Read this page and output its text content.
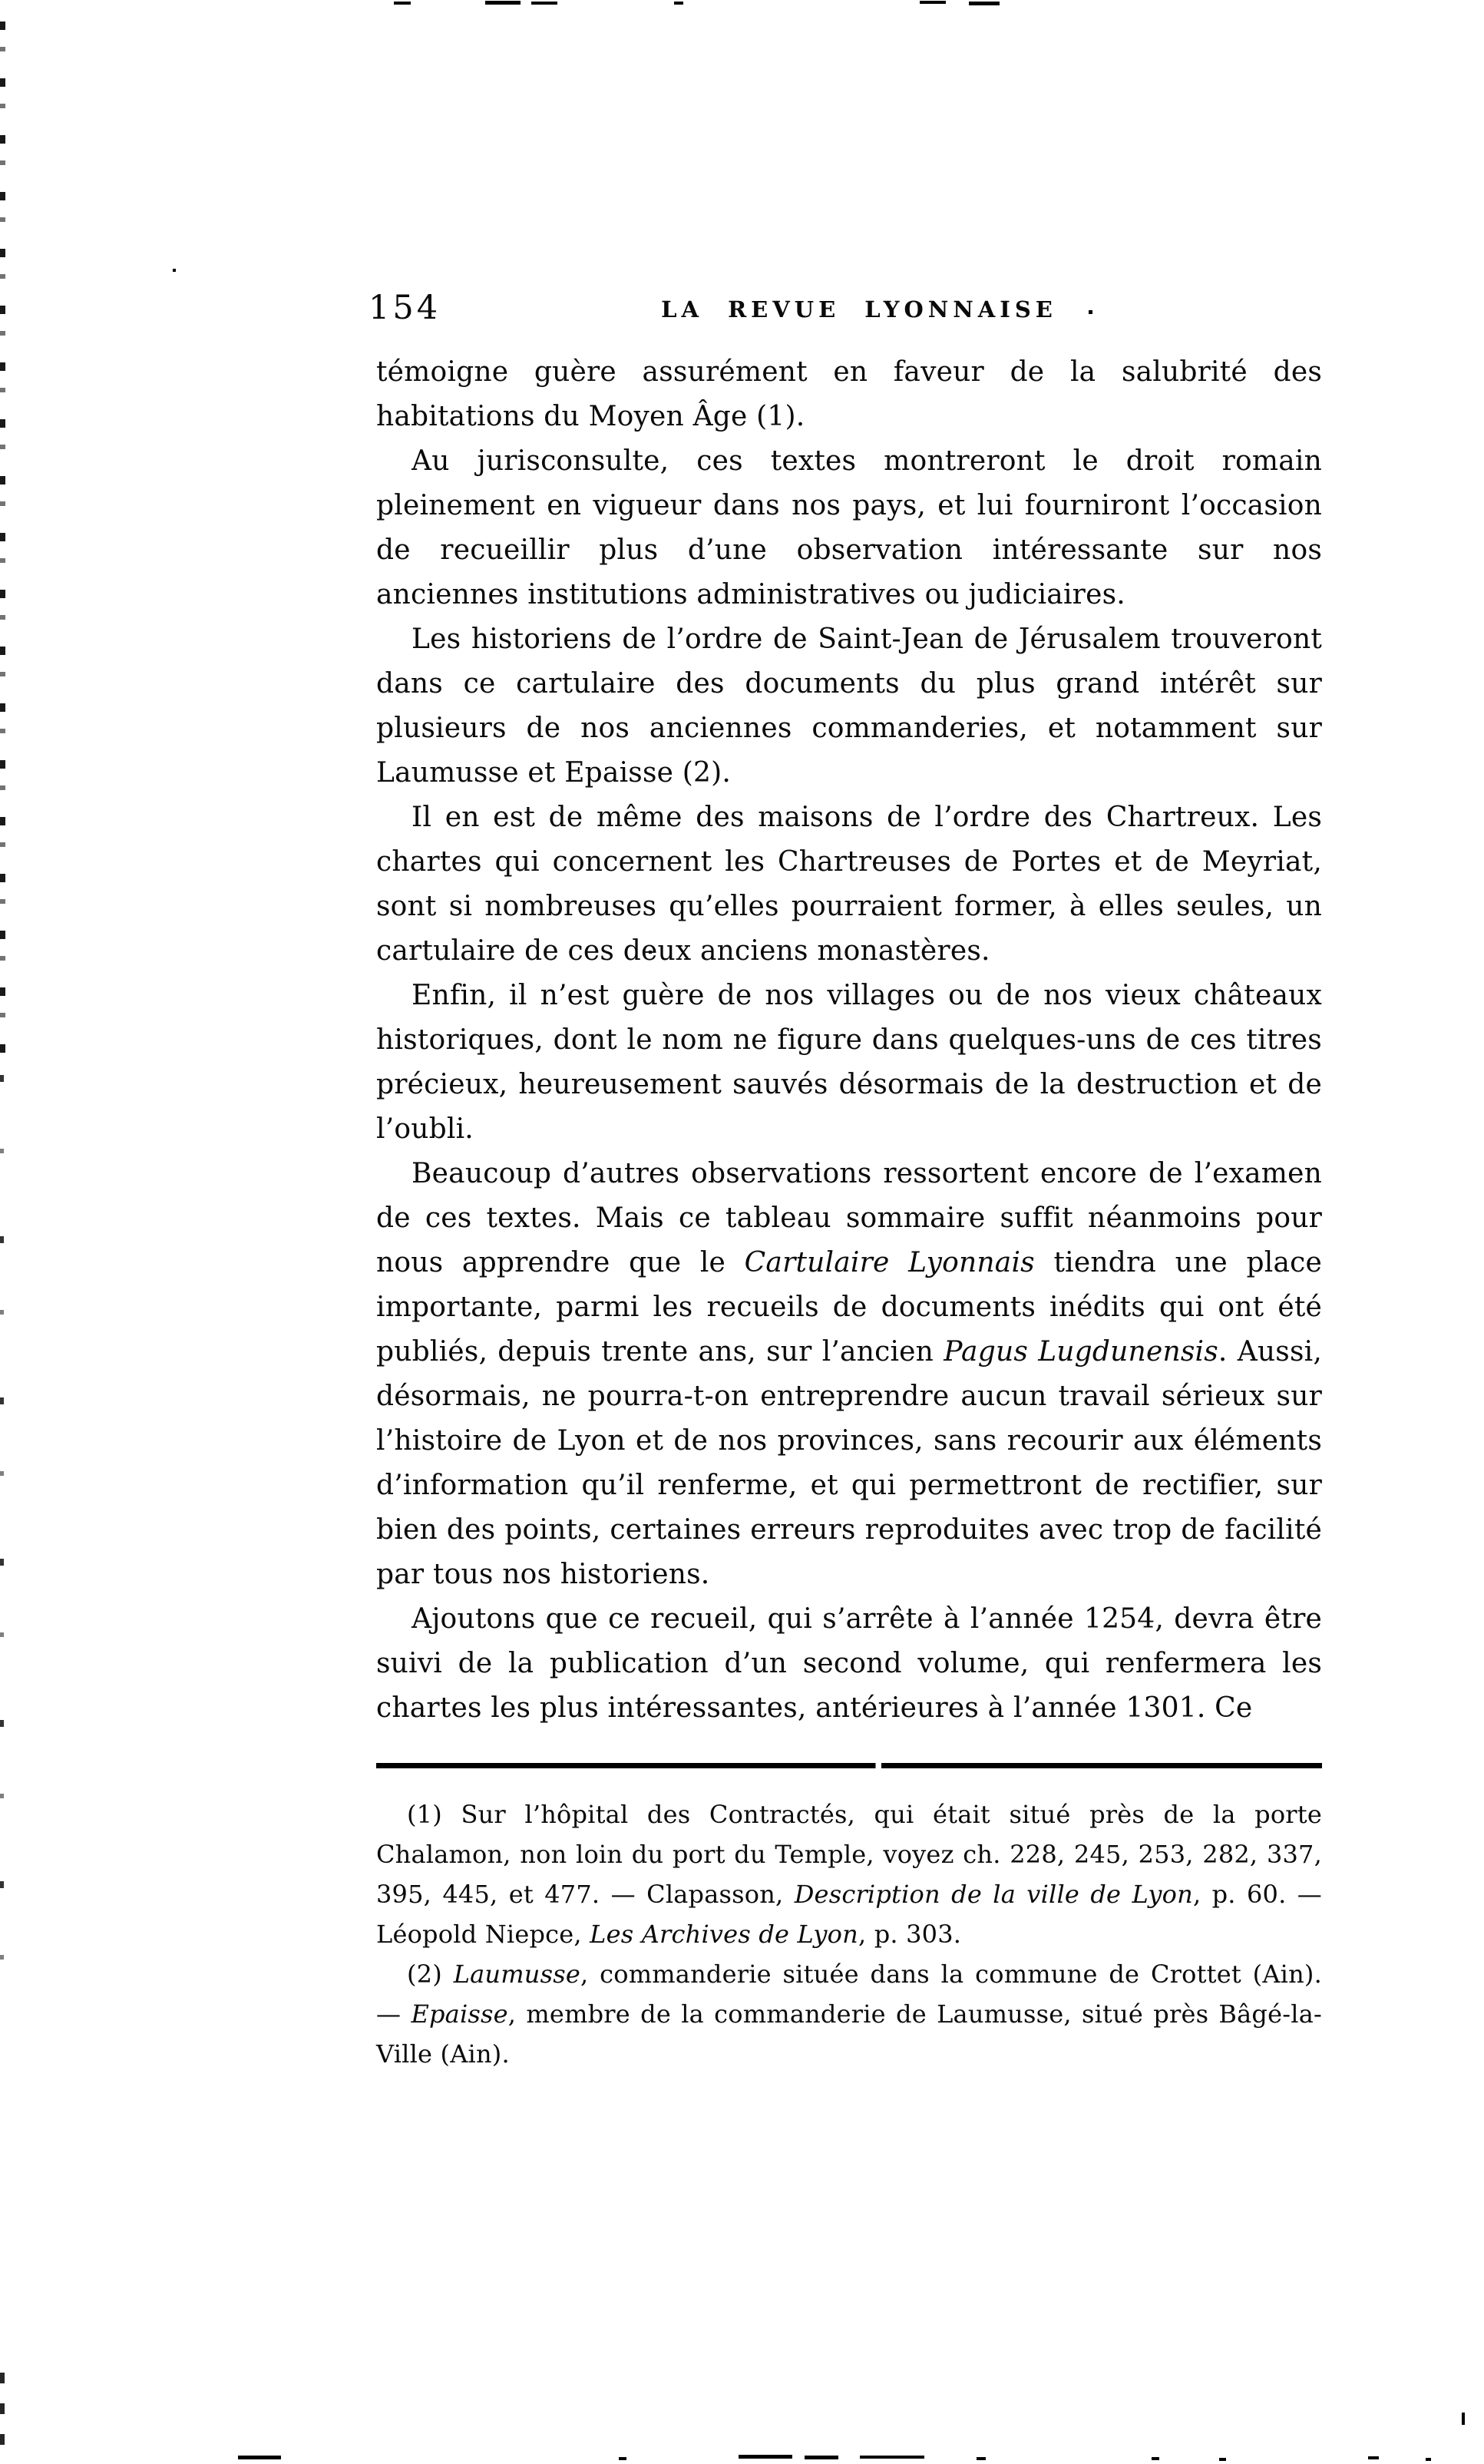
154	LA REVUE LYONNAISE

témoigne guère assurément en faveur de la salubrité des habitations du Moyen Âge (1).

Au jurisconsulte, ces textes montreront le droit romain pleinement en vigueur dans nos pays, et lui fourniront l’occasion de recueillir plus d’une observation intéressante sur nos anciennes institutions administratives ou judiciaires.

Les historiens de l’ordre de Saint-Jean de Jérusalem trouveront dans ce cartulaire des documents du plus grand intérêt sur plusieurs de nos anciennes commanderies, et notamment sur Laumusse et Epaisse (2).

Il en est de même des maisons de l’ordre des Chartreux. Les chartes qui concernent les Chartreuses de Portes et de Meyriat, sont si nombreuses qu’elles pourraient former, à elles seules, un cartulaire de ces deux anciens monastères.

Enfin, il n’est guère de nos villages ou de nos vieux châteaux historiques, dont le nom ne figure dans quelques-uns de ces titres précieux, heureusement sauvés désormais de la destruction et de l’oubli.

Beaucoup d’autres observations ressortent encore de l’examen de ces textes. Mais ce tableau sommaire suffit néanmoins pour nous apprendre que le Cartulaire Lyonnais tiendra une place importante, parmi les recueils de documents inédits qui ont été publiés, depuis trente ans, sur l’ancien Pagus Lugdunensis. Aussi, désormais, ne pourra-t-on entreprendre aucun travail sérieux sur l’histoire de Lyon et de nos provinces, sans recourir aux éléments d’information qu’il renferme, et qui permettront de rectifier, sur bien des points, certaines erreurs reproduites avec trop de facilité par tous nos historiens.

Ajoutons que ce recueil, qui s’arrête à l’année 1254, devra être suivi de la publication d’un second volume, qui renfermera les chartes les plus intéressantes, antérieures à l’année 1301. Ce

(1) Sur l’hôpital des Contractés, qui était situé près de la porte Chalamon, non loin du port du Temple, voyez ch. 228, 245, 253, 282, 337, 395, 445, et 477. — Clapasson, Description de la ville de Lyon, p. 60. — Léopold Niepce, Les Archives de Lyon, p. 303.

(2) Laumusse, commanderie située dans la commune de Crottet (Ain). — Epaisse, membre de la commanderie de Laumusse, situé près Bâgé-la-Ville (Ain).
